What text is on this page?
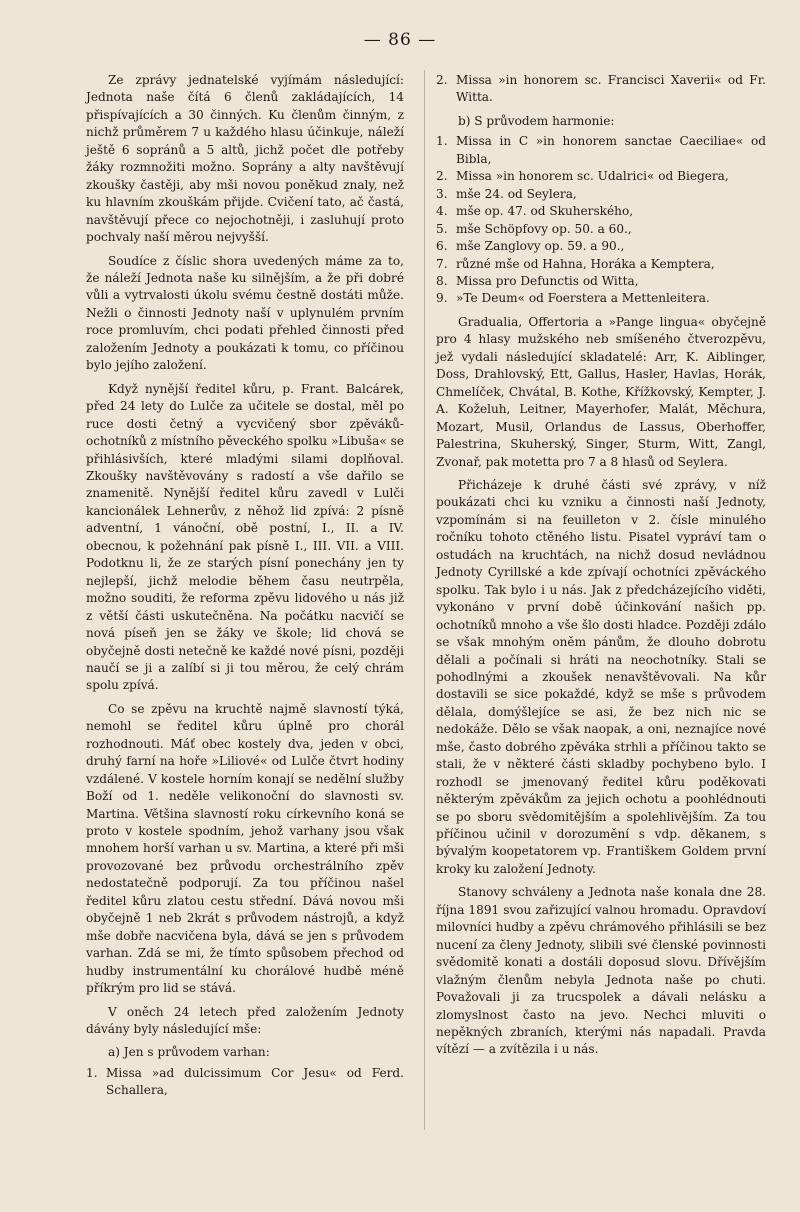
— 86 —

Ze zprávy jednatelské vyjímám následující: Jednota naše čítá 6 členů zakládajících, 14 přispívajících a 30 činných. Ku členům činným, z nichž průměrem 7 u každého hlasu účinkuje, náleží ještě 6 sopránů a 5 altů, jichž počet dle potřeby žáky rozmnožiti možno. Soprány a alty navštěvují zkoušky častěji, aby mši novou poněkud znaly, než ku hlavním zkouškám přijde. Cvičení tato, ač častá, navštěvují přece co nejochotněji, i zasluhují proto pochvaly naší měrou nejvyšší.

Soudíce z číslic shora uvedených máme za to, že náleží Jednota naše ku silnějším, a že při dobré vůli a vytrvalosti úkolu svému čestně dostáti může. Nežli o činnosti Jednoty naší v uplynulém prvním roce promluvím, chci podati přehled činnosti před založením Jednoty a poukázati k tomu, co příčinou bylo jejího založení.

Když nynější ředitel kůru, p. Frant. Balcárek, před 24 lety do Lulče za učitele se dostal, měl po ruce dosti četný a vycvičený sbor zpěváků-ochotníků z místního pěveckého spolku »Libuša« se přihlásivších, které mladými silami doplňoval. Zkoušky navštěvovány s radostí a vše dařilo se znamenitě. Nynější ředitel kůru zavedl v Lulči kancionálek Lehnerův, z něhož lid zpívá: 2 písně adventní, 1 vánoční, obě postní, I., II. a IV. obecnou, k požehnání pak písně I., III. VII. a VIII. Podotknu li, že ze starých písní ponechány jen ty nejlepší, jichž melodie během času neutrpěla, možno souditi, že reforma zpěvu lidového u nás již z větší části uskutečněna. Na počátku nacvičí se nová píseň jen se žáky ve škole; lid chová se obyčejně dosti netečně ke každé nové písni, později naučí se ji a zalíbí si ji tou měrou, že celý chrám spolu zpívá.

Co se zpěvu na kruchtě najmě slavností týká, nemohl se ředitel kůru úplně pro chorál rozhodnouti. Máť obec kostely dva, jeden v obci, druhý farní na hoře »Liliové« od Lulče čtvrt hodiny vzdálené. V kostele horním konají se nedělní služby Boží od 1. neděle velikonoční do slavnosti sv. Martina. Většina slavností roku církevního koná se proto v kostele spodním, jehož varhany jsou však mnohem horší varhan u sv. Martina, a které při mši provozované bez průvodu orchestrálního zpěv nedostatečně podporují. Za tou příčinou našel ředitel kůru zlatou cestu střední. Dává novou mši obyčejně 1 neb 2krát s průvodem nástrojů, a když mše dobře nacvičena byla, dává se jen s průvodem varhan. Zdá se mi, že tímto spůsobem přechod od hudby instrumentální ku chorálové hudbě méně příkrým pro lid se stává.

V oněch 24 letech před založením Jednoty dávány byly následující mše:

a) Jen s průvodem varhan:
1. Missa »ad dulcissimum Cor Jesu« od Ferd. Schallera,
2. Missa »in honorem sc. Francisci Xaverii« od Fr. Witta.
b) S průvodem harmonie:
1. Missa in C »in honorem sanctae Caeciliae« od Bibla,
2. Missa »in honorem sc. Udalrici« od Biegera,
3. mše 24. od Seylera,
4. mše op. 47. od Skuherského,
5. mše Schöpfovy op. 50. a 60.,
6. mše Zanglovy op. 59. a 90.,
7. různé mše od Hahna, Horáka a Kemptera,
8. Missa pro Defunctis od Witta,
9. »Te Deum« od Foerstera a Mettenleitera.

Gradualia, Offertoria a »Pange lingua« obyčejně pro 4 hlasy mužského neb smíšeného čtverozpěvu, jež vydali následující skladatelé: Arr, K. Aiblinger, Doss, Drahlovský, Ett, Gallus, Hasler, Havlas, Horák, Chmelíček, Chvátal, B. Kothe, Křížkovský, Kempter, J. A. Koželuh, Leitner, Mayerhofer, Malát, Měchura, Mozart, Musil, Orlandus de Lassus, Oberhoffer, Palestrina, Skuherský, Singer, Sturm, Witt, Zangl, Zvonař, pak motetta pro 7 a 8 hlasů od Seylera.

Přicházeje k druhé části své zprávy, v níž poukázati chci ku vzniku a činnosti naší Jednoty, vzpomínám si na feuilleton v 2. čísle minulého ročníku tohoto ctěného listu. Pisatel vypráví tam o ostudách na kruchtách, na nichž dosud nevládnou Jednoty Cyrillské a kde zpívají ochotníci zpěváckého spolku. Tak bylo i u nás. Jak z předcházejícího viděti, vykonáno v první době účinkování našich pp. ochotníků mnoho a vše šlo dosti hladce. Později zdálo se však mnohým oněm pánům, že dlouho dobrotu dělali a počínali si hráti na neochotníky. Stali se pohodlnými a zkoušek nenavštěvovali. Na kůr dostavili se sice pokaždé, když se mše s průvodem dělala, domýšlejíce se asi, že bez nich nic se nedokáže. Dělo se však naopak, a oni, neznajíce nové mše, často dobrého zpěváka strhli a příčinou takto se stali, že v některé části skladby pochybeno bylo. I rozhodl se jmenovaný ředitel kůru poděkovati některým zpěvákům za jejich ochotu a poohlédnouti se po sboru svědomitějším a spolehlivějším. Za tou příčinou učinil v dorozumění s vdp. děkanem, s bývalým koopetatorem vp. Františkem Goldem první kroky ku založení Jednoty.

Stanovy schváleny a Jednota naše konala dne 28. října 1891 svou zařizující valnou hromadu. Opravdoví milovníci hudby a zpěvu chrámového přihlásili se bez nucení za členy Jednoty, slibili své členské povinnosti svědomitě konati a dostáli doposud slovu. Dřívějším vlažným členům nebyla Jednota naše po chuti. Považovali ji za trucspolek a dávali nelásku a zlomyslnost často na jevo. Nechci mluviti o nepěkných zbraních, kterými nás napadali. Pravda vítězí — a zvítězila i u nás.
